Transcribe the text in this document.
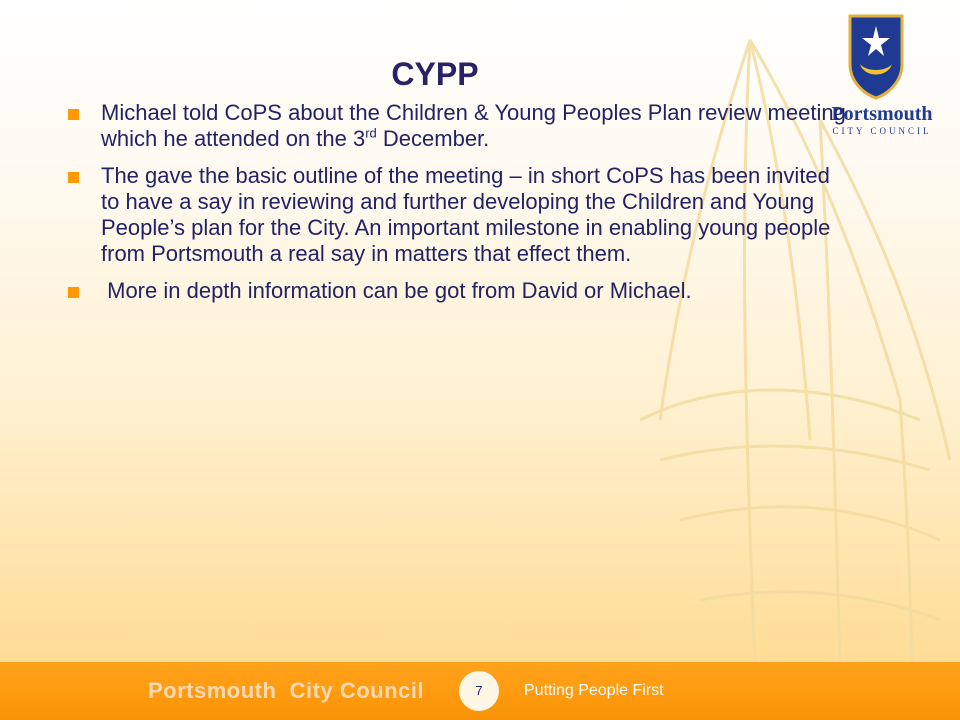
Portsmouth
CITY COUNCIL
CYPP
Michael told CoPS about the Children & Young Peoples Plan review meeting which he attended on the 3rd December.
The gave the basic outline of the meeting – in short CoPS has been invited to have a say in reviewing and further developing the Children and Young People’s plan for the City. An important milestone in enabling young people from Portsmouth a real say in matters that effect them.
More in depth information can be got from David or Michael.
Portsmouth  City Council	7	Putting People First
